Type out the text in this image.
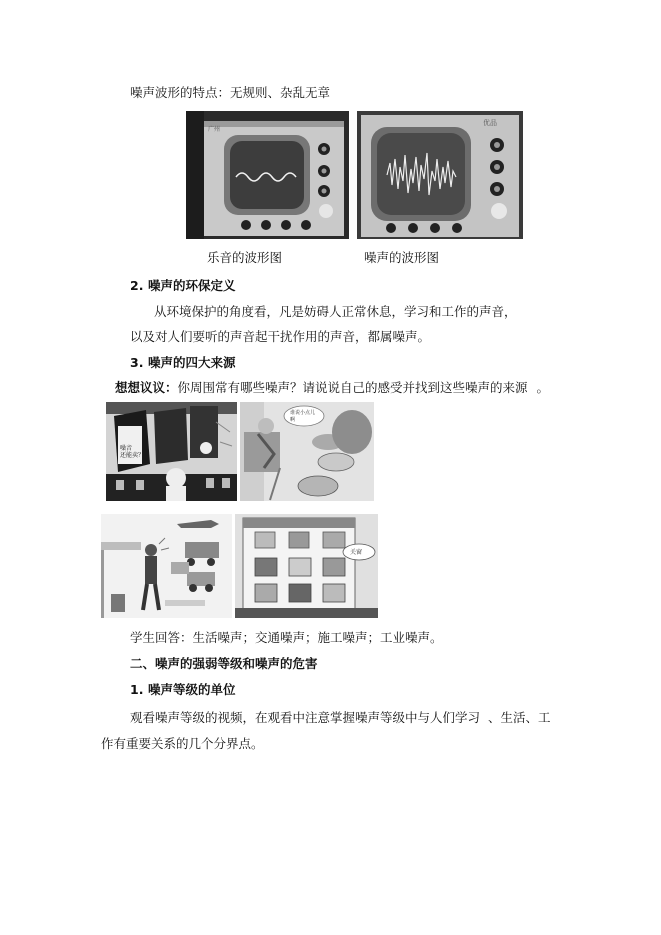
噪声波形的特点：无规则、杂乱无章
广州
优品
乐音的波形图	噪声的波形图
2. 噪声的环保定义
从环境保护的角度看，凡是妨碍人正常休息，学习和工作的声音，
以及对人们要听的声音起干扰作用的声音，都属噪声。
3. 噪声的四大来源
想想议议：你周围常有哪些噪声？请说说自己的感受并找到这些噪声的来源 。
噪音还能卖？
谁说小点儿啊
关窗
学生回答：生活噪声；交通噪声；施工噪声；工业噪声。
二、噪声的强弱等级和噪声的危害
1. 噪声等级的单位
观看噪声等级的视频，在观看中注意掌握噪声等级中与人们学习 、生活、工
作有重要关系的几个分界点。
